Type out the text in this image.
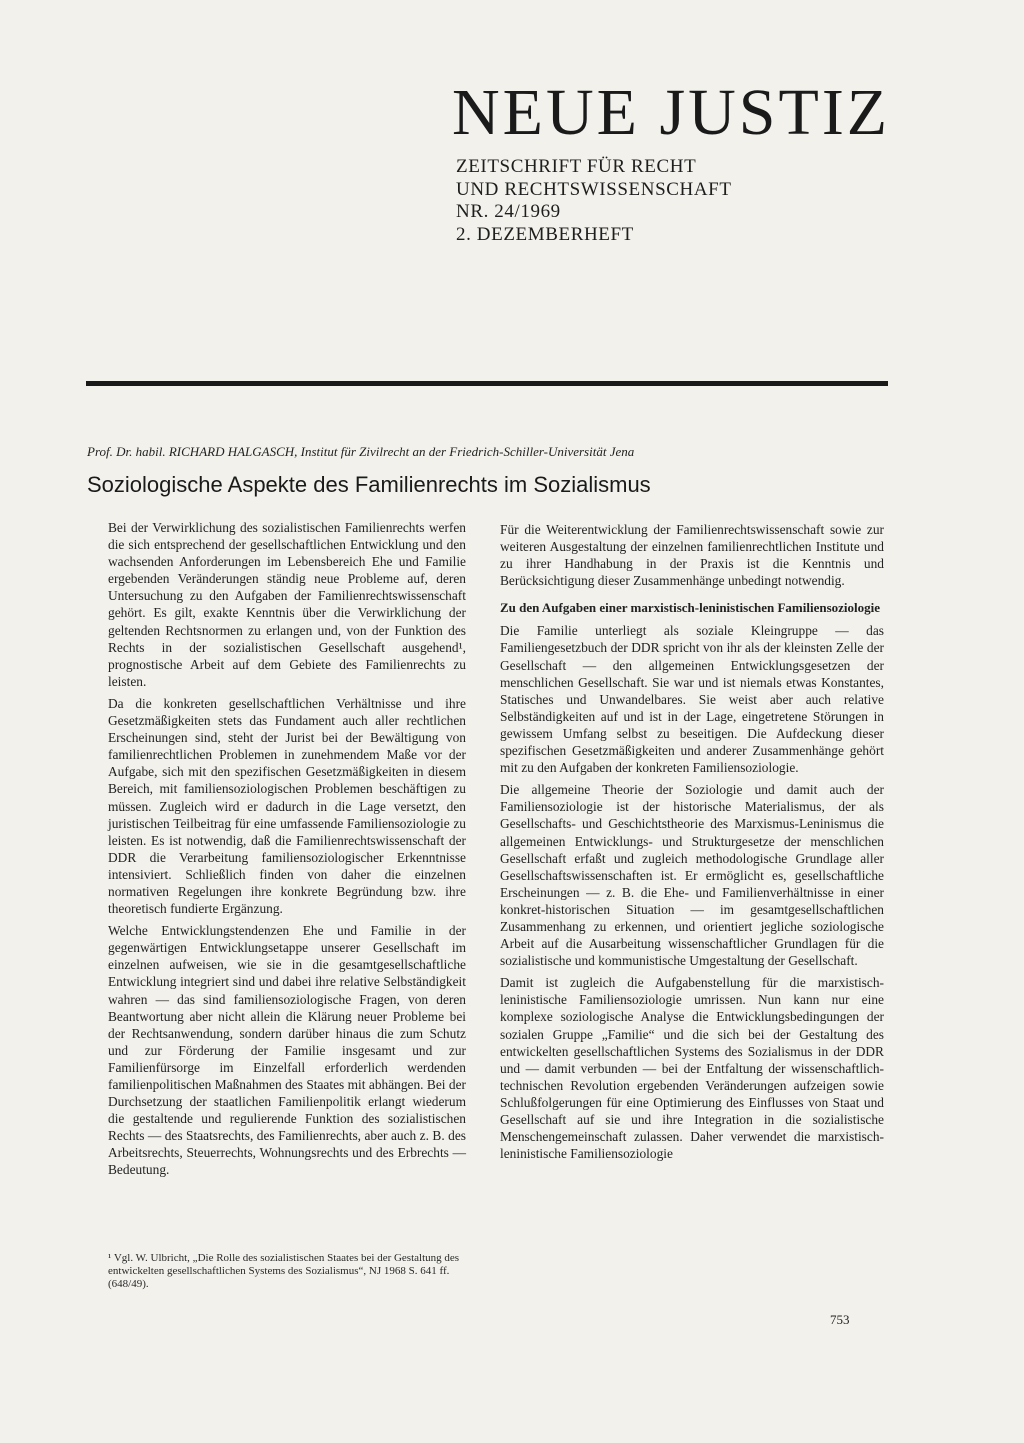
NEUE JUSTIZ
ZEITSCHRIFT FÜR RECHT
UND RECHTSWISSENSCHAFT
NR. 24/1969
2. DEZEMBERHEFT
Prof. Dr. habil. RICHARD HALGASCH, Institut für Zivilrecht an der Friedrich-Schiller-Universität Jena
Soziologische Aspekte des Familienrechts im Sozialismus

Bei der Verwirklichung des sozialistischen Familienrechts werfen die sich entsprechend der gesellschaftlichen Entwicklung und den wachsenden Anforderungen im Lebensbereich Ehe und Familie ergebenden Veränderungen ständig neue Probleme auf, deren Untersuchung zu den Aufgaben der Familienrechtswissenschaft gehört. Es gilt, exakte Kenntnis über die Verwirklichung der geltenden Rechtsnormen zu erlangen und, von der Funktion des Rechts in der sozialistischen Gesellschaft ausgehend¹, prognostische Arbeit auf dem Gebiete des Familienrechts zu leisten.

Da die konkreten gesellschaftlichen Verhältnisse und ihre Gesetzmäßigkeiten stets das Fundament auch aller rechtlichen Erscheinungen sind, steht der Jurist bei der Bewältigung von familienrechtlichen Problemen in zunehmendem Maße vor der Aufgabe, sich mit den spezifischen Gesetzmäßigkeiten in diesem Bereich, mit familiensoziologischen Problemen beschäftigen zu müssen. Zugleich wird er dadurch in die Lage versetzt, den juristischen Teilbeitrag für eine umfassende Familiensoziologie zu leisten. Es ist notwendig, daß die Familienrechtswissenschaft der DDR die Verarbeitung familiensoziologischer Erkenntnisse intensiviert. Schließlich finden von daher die einzelnen normativen Regelungen ihre konkrete Begründung bzw. ihre theoretisch fundierte Ergänzung.

Welche Entwicklungstendenzen Ehe und Familie in der gegenwärtigen Entwicklungsetappe unserer Gesellschaft im einzelnen aufweisen, wie sie in die gesamtgesellschaftliche Entwicklung integriert sind und dabei ihre relative Selbständigkeit wahren — das sind familiensoziologische Fragen, von deren Beantwortung aber nicht allein die Klärung neuer Probleme bei der Rechtsanwendung, sondern darüber hinaus die zum Schutz und zur Förderung der Familie insgesamt und zur Familienfürsorge im Einzelfall erforderlich werdenden familienpolitischen Maßnahmen des Staates mit abhängen. Bei der Durchsetzung der staatlichen Familienpolitik erlangt wiederum die gestaltende und regulierende Funktion des sozialistischen Rechts — des Staatsrechts, des Familienrechts, aber auch z. B. des Arbeitsrechts, Steuerrechts, Wohnungsrechts und des Erbrechts — Bedeutung.

¹ Vgl. W. Ulbricht, „Die Rolle des sozialistischen Staates bei der Gestaltung des entwickelten gesellschaftlichen Systems des Sozialismus“, NJ 1968 S. 641 ff. (648/49).

Für die Weiterentwicklung der Familienrechtswissenschaft sowie zur weiteren Ausgestaltung der einzelnen familienrechtlichen Institute und zu ihrer Handhabung in der Praxis ist die Kenntnis und Berücksichtigung dieser Zusammenhänge unbedingt notwendig.

Zu den Aufgaben einer marxistisch-leninistischen Familiensoziologie

Die Familie unterliegt als soziale Kleingruppe — das Familiengesetzbuch der DDR spricht von ihr als der kleinsten Zelle der Gesellschaft — den allgemeinen Entwicklungsgesetzen der menschlichen Gesellschaft. Sie war und ist niemals etwas Konstantes, Statisches und Unwandelbares. Sie weist aber auch relative Selbständigkeiten auf und ist in der Lage, eingetretene Störungen in gewissem Umfang selbst zu beseitigen. Die Aufdeckung dieser spezifischen Gesetzmäßigkeiten und anderer Zusammenhänge gehört mit zu den Aufgaben der konkreten Familiensoziologie.

Die allgemeine Theorie der Soziologie und damit auch der Familiensoziologie ist der historische Materialismus, der als Gesellschafts- und Geschichtstheorie des Marxismus-Leninismus die allgemeinen Entwicklungs- und Strukturgesetze der menschlichen Gesellschaft erfaßt und zugleich methodologische Grundlage aller Gesellschaftswissenschaften ist. Er ermöglicht es, gesellschaftliche Erscheinungen — z. B. die Ehe- und Familienverhältnisse in einer konkret-historischen Situation — im gesamtgesellschaftlichen Zusammenhang zu erkennen, und orientiert jegliche soziologische Arbeit auf die Ausarbeitung wissenschaftlicher Grundlagen für die sozialistische und kommunistische Umgestaltung der Gesellschaft.

Damit ist zugleich die Aufgabenstellung für die marxistisch-leninistische Familiensoziologie umrissen. Nun kann nur eine komplexe soziologische Analyse die Entwicklungsbedingungen der sozialen Gruppe „Familie“ und die sich bei der Gestaltung des entwickelten gesellschaftlichen Systems des Sozialismus in der DDR und — damit verbunden — bei der Entfaltung der wissenschaftlich-technischen Revolution ergebenden Veränderungen aufzeigen sowie Schlußfolgerungen für eine Optimierung des Einflusses von Staat und Gesellschaft auf sie und ihre Integration in die sozialistische Menschengemeinschaft zulassen. Daher verwendet die marxistisch-leninistische Familiensoziologie

753
